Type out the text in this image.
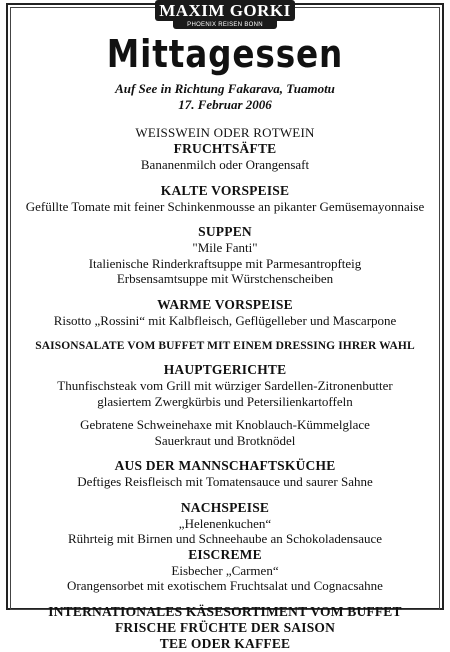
MAXIM GORKI
PHOENIX REISEN BONN
Mittagessen
Auf See in Richtung Fakarava, Tuamotu
17. Februar 2006
WEISSWEIN ODER ROTWEIN
FRUCHTSÄFTE
Bananenmilch oder Orangensaft
KALTE VORSPEISE
Gefüllte Tomate mit feiner Schinkenmousse an pikanter Gemüsemayonnaise
SUPPEN
"Mile Fanti"
Italienische Rinderkraftsuppe mit Parmesantropfteig
Erbsensamtsuppe mit Würstchenscheiben
WARME VORSPEISE
Risotto „Rossini“ mit Kalbfleisch, Geflügelleber und Mascarpone
SAISONSALATE VOM BUFFET MIT EINEM DRESSING IHRER WAHL
HAUPTGERICHTE
Thunfischsteak vom Grill mit würziger Sardellen-Zitronenbutter
glasiertem Zwergkürbis und Petersilienkartoffeln
Gebratene Schweinehaxe mit Knoblauch-Kümmelglace
Sauerkraut und Brotknödel
AUS DER MANNSCHAFTSKÜCHE
Deftiges Reisfleisch mit Tomatensauce und saurer Sahne
NACHSPEISE
„Helenenkuchen“
Rührteig mit Birnen und Schneehaube an Schokoladensauce
EISCREME
Eisbecher „Carmen“
Orangensorbet mit exotischem Fruchtsalat und Cognacsahne
INTERNATIONALES KÄSESORTIMENT VOM BUFFET
FRISCHE FRÜCHTE DER SAISON
TEE ODER KAFFEE
